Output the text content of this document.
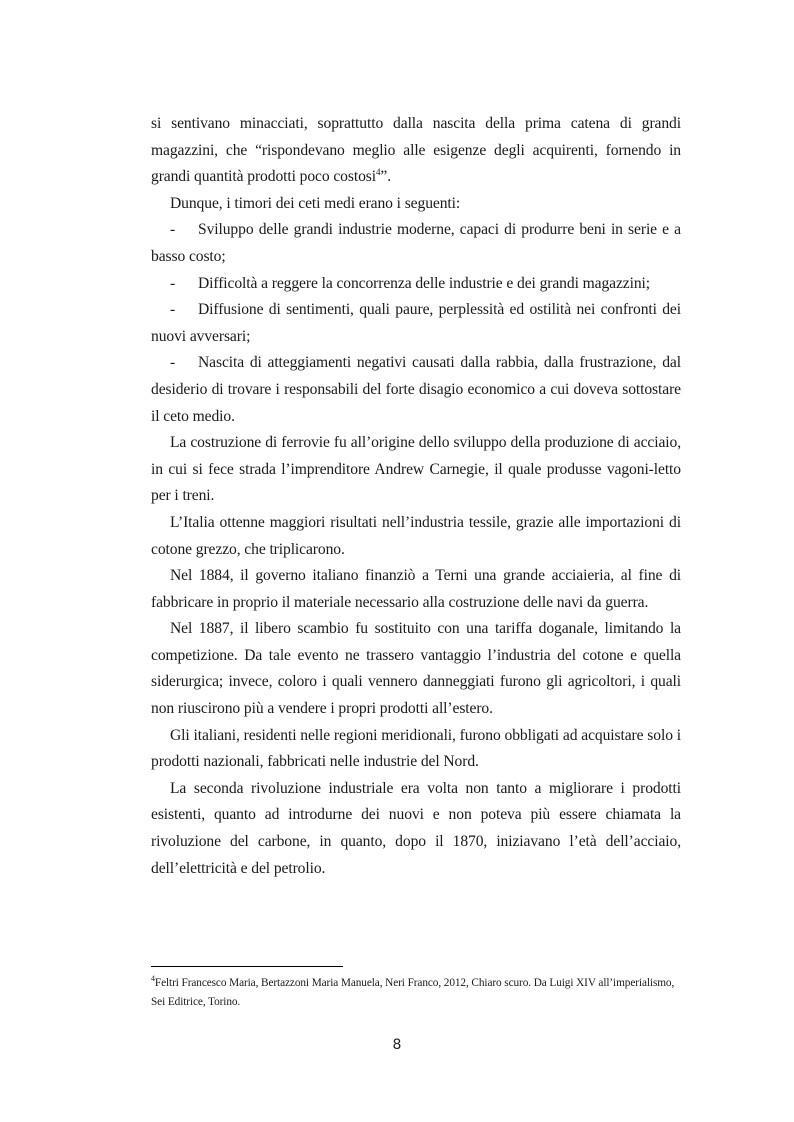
si sentivano minacciati, soprattutto dalla nascita della prima catena di grandi magazzini, che “rispondevano meglio alle esigenze degli acquirenti, fornendo in grandi quantità prodotti poco costosi$^4$”.

Dunque, i timori dei ceti medi erano i seguenti:

- Sviluppo delle grandi industrie moderne, capaci di produrre beni in serie e a basso costo;

- Difficoltà a reggere la concorrenza delle industrie e dei grandi magazzini;

- Diffusione di sentimenti, quali paure, perplessità ed ostilità nei confronti dei nuovi avversari;

- Nascita di atteggiamenti negativi causati dalla rabbia, dalla frustrazione, dal desiderio di trovare i responsabili del forte disagio economico a cui doveva sottostare il ceto medio.

La costruzione di ferrovie fu all’origine dello sviluppo della produzione di acciaio, in cui si fece strada l’imprenditore Andrew Carnegie, il quale produsse vagoni-letto per i treni.

L’Italia ottenne maggiori risultati nell’industria tessile, grazie alle importazioni di cotone grezzo, che triplicarono.

Nel 1884, il governo italiano finanziò a Terni una grande acciaieria, al fine di fabbricare in proprio il materiale necessario alla costruzione delle navi da guerra.

Nel 1887, il libero scambio fu sostituito con una tariffa doganale, limitando la competizione. Da tale evento ne trassero vantaggio l’industria del cotone e quella siderurgica; invece, coloro i quali vennero danneggiati furono gli agricoltori, i quali non riuscirono più a vendere i propri prodotti all’estero.

Gli italiani, residenti nelle regioni meridionali, furono obbligati ad acquistare solo i prodotti nazionali, fabbricati nelle industrie del Nord.

La seconda rivoluzione industriale era volta non tanto a migliorare i prodotti esistenti, quanto ad introdurne dei nuovi e non poteva più essere chiamata la rivoluzione del carbone, in quanto, dopo il 1870, iniziavano l’età dell’acciaio, dell’elettricità e del petrolio.

$^4$Feltri Francesco Maria, Bertazzoni Maria Manuela, Neri Franco, 2012, Chiaro scuro. Da Luigi XIV all’imperialismo, Sei Editrice, Torino.
8
